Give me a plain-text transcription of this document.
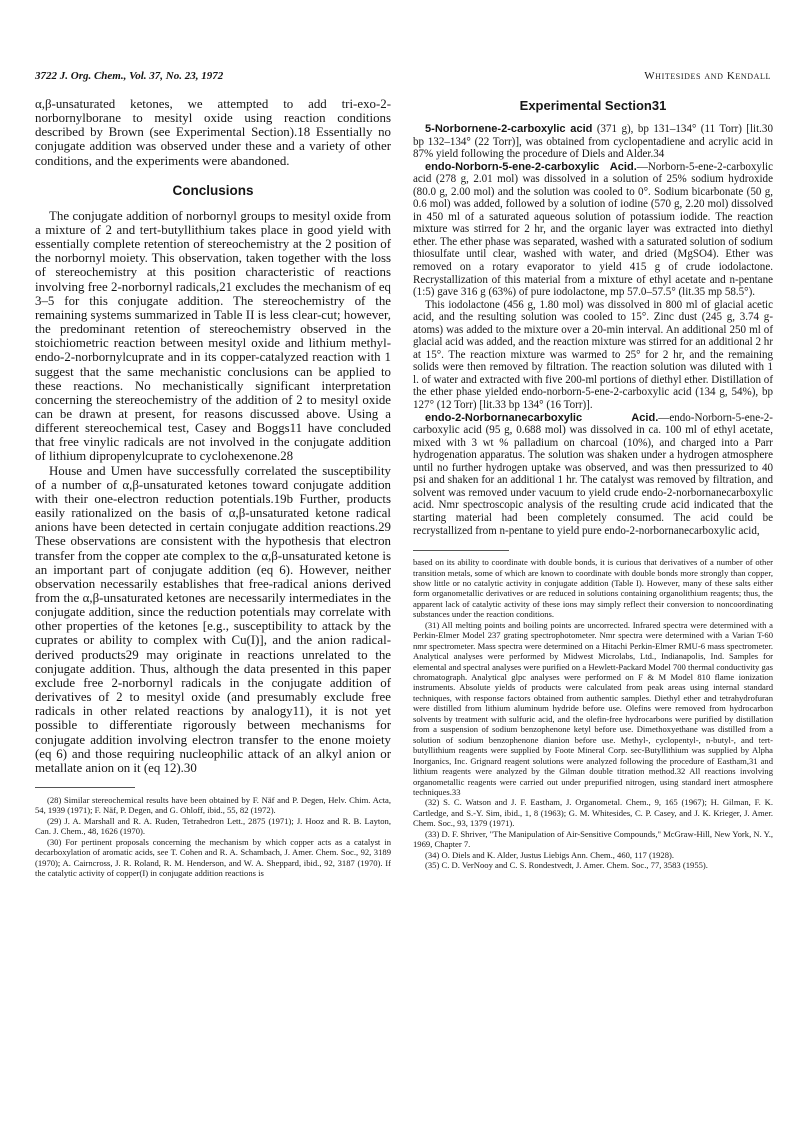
3722 J. Org. Chem., Vol. 37, No. 23, 1972	Whitesides and Kendall

α,β-unsaturated ketones, we attempted to add tri-exo-2-norbornylborane to mesityl oxide using reaction conditions described by Brown (see Experimental Section).18 Essentially no conjugate addition was observed under these and a variety of other conditions, and the experiments were abandoned.

Conclusions

The conjugate addition of norbornyl groups to mesityl oxide from a mixture of 2 and tert-butyllithium takes place in good yield with essentially complete retention of stereochemistry at the 2 position of the norbornyl moiety. This observation, taken together with the loss of stereochemistry at this position characteristic of reactions involving free 2-norbornyl radicals,21 excludes the mechanism of eq 3–5 for this conjugate addition. The stereochemistry of the remaining systems summarized in Table II is less clear-cut; however, the predominant retention of stereochemistry observed in the stoichiometric reaction between mesityl oxide and lithium methyl-endo-2-norbornylcuprate and in its copper-catalyzed reaction with 1 suggest that the same mechanistic conclusions can be applied to these reactions. No mechanistically significant interpretation concerning the stereochemistry of the addition of 2 to mesityl oxide can be drawn at present, for reasons discussed above. Using a different stereochemical test, Casey and Boggs11 have concluded that free vinylic radicals are not involved in the conjugate addition of lithium dipropenylcuprate to cyclohexenone.28

House and Umen have successfully correlated the susceptibility of a number of α,β-unsaturated ketones toward conjugate addition with their one-electron reduction potentials.19b Further, products easily rationalized on the basis of α,β-unsaturated ketone radical anions have been detected in certain conjugate addition reactions.29 These observations are consistent with the hypothesis that electron transfer from the copper ate complex to the α,β-unsaturated ketone is an important part of conjugate addition (eq 6). However, neither observation necessarily establishes that free-radical anions derived from the α,β-unsaturated ketones are necessarily intermediates in the conjugate addition, since the reduction potentials may correlate with other properties of the ketones [e.g., susceptibility to attack by the cuprates or ability to complex with Cu(I)], and the anion radical-derived products29 may originate in reactions unrelated to the conjugate addition. Thus, although the data presented in this paper exclude free 2-norbornyl radicals in the conjugate addition of derivatives of 2 to mesityl oxide (and presumably exclude free radicals in other related reactions by analogy11), it is not yet possible to differentiate rigorously between mechanisms for conjugate addition involving electron transfer to the enone moiety (eq 6) and those requiring nucleophilic attack of an alkyl anion or metallate anion on it (eq 12).30

(28) Similar stereochemical results have been obtained by F. Näf and P. Degen, Helv. Chim. Acta, 54, 1939 (1971); F. Näf, P. Degen, and G. Ohloff, ibid., 55, 82 (1972).

(29) J. A. Marshall and R. A. Ruden, Tetrahedron Lett., 2875 (1971); J. Hooz and R. B. Layton, Can. J. Chem., 48, 1626 (1970).

(30) For pertinent proposals concerning the mechanism by which copper acts as a catalyst in decarboxylation of aromatic acids, see T. Cohen and R. A. Schambach, J. Amer. Chem. Soc., 92, 3189 (1970); A. Cairncross, J. R. Roland, R. M. Henderson, and W. A. Sheppard, ibid., 92, 3187 (1970). If the catalytic activity of copper(I) in conjugate addition reactions is

Experimental Section31

5-Norbornene-2-carboxylic acid (371 g), bp 131–134° (11 Torr) [lit.30 bp 132–134° (22 Torr)], was obtained from cyclopentadiene and acrylic acid in 87% yield following the procedure of Diels and Alder.34

endo-Norborn-5-ene-2-carboxylic Acid.—Norborn-5-ene-2-carboxylic acid (278 g, 2.01 mol) was dissolved in a solution of 25% sodium hydroxide (80.0 g, 2.00 mol) and the solution was cooled to 0°. Sodium bicarbonate (50 g, 0.6 mol) was added, followed by a solution of iodine (570 g, 2.20 mol) dissolved in 450 ml of a saturated aqueous solution of potassium iodide. The reaction mixture was stirred for 2 hr, and the organic layer was extracted into diethyl ether. The ether phase was separated, washed with a saturated solution of sodium thiosulfate until clear, washed with water, and dried (MgSO4). Ether was removed on a rotary evaporator to yield 415 g of crude iodolactone. Recrystallization of this material from a mixture of ethyl acetate and n-pentane (1:5) gave 316 g (63%) of pure iodolactone, mp 57.0–57.5° (lit.35 mp 58.5°).

This iodolactone (456 g, 1.80 mol) was dissolved in 800 ml of glacial acetic acid, and the resulting solution was cooled to 15°. Zinc dust (245 g, 3.74 g-atoms) was added to the mixture over a 20-min interval. An additional 250 ml of glacial acid was added, and the reaction mixture was stirred for an additional 2 hr at 15°. The reaction mixture was warmed to 25° for 2 hr, and the remaining solids were then removed by filtration. The reaction solution was diluted with 1 l. of water and extracted with five 200-ml portions of diethyl ether. Distillation of the ether phase yielded endo-norborn-5-ene-2-carboxylic acid (134 g, 54%), bp 127° (12 Torr) [lit.33 bp 134° (16 Torr)].

endo-2-Norbornanecarboxylic Acid.—endo-Norborn-5-ene-2-carboxylic acid (95 g, 0.688 mol) was dissolved in ca. 100 ml of ethyl acetate, mixed with 3 wt % palladium on charcoal (10%), and charged into a Parr hydrogenation apparatus. The solution was shaken under a hydrogen atmosphere until no further hydrogen uptake was observed, and was then pressurized to 40 psi and shaken for an additional 1 hr. The catalyst was removed by filtration, and solvent was removed under vacuum to yield crude endo-2-norbornanecarboxylic acid. Nmr spectroscopic analysis of the resulting crude acid indicated that the starting material had been completely consumed. The acid could be recrystallized from n-pentane to yield pure endo-2-norbornanecarboxylic acid,

based on its ability to coordinate with double bonds, it is curious that derivatives of a number of other transition metals, some of which are known to coordinate with double bonds more strongly than copper, show little or no catalytic activity in conjugate addition (Table I). However, many of these salts either form organometallic derivatives or are reduced in solutions containing organolithium reagents; thus, the apparent lack of catalytic activity of these ions may simply reflect their conversion to noncoordinating substances under the reaction conditions.

(31) All melting points and boiling points are uncorrected. Infrared spectra were determined with a Perkin-Elmer Model 237 grating spectrophotometer. Nmr spectra were determined with a Varian T-60 nmr spectrometer. Mass spectra were determined on a Hitachi Perkin-Elmer RMU-6 mass spectrometer. Analytical analyses were performed by Midwest Microlabs, Ltd., Indianapolis, Ind. Samples for elemental and spectral analyses were purified on a Hewlett-Packard Model 700 thermal conductivity gas chromatograph. Analytical glpc analyses were performed on F & M Model 810 flame ionization instruments. Absolute yields of products were calculated from peak areas using internal standard techniques, with response factors obtained from authentic samples. Diethyl ether and tetrahydrofuran were distilled from lithium aluminum hydride before use. Olefins were removed from hydrocarbon solvents by treatment with sulfuric acid, and the olefin-free hydrocarbons were purified by distillation from a suspension of sodium benzophenone ketyl before use. Dimethoxyethane was distilled from a solution of sodium benzophenone dianion before use. Methyl-, cyclopentyl-, n-butyl-, and tert-butyllithium reagents were supplied by Foote Mineral Corp. sec-Butyllithium was supplied by Alpha Inorganics, Inc. Grignard reagent solutions were analyzed following the procedure of Eastham,31 and lithium reagents were analyzed by the Gilman double titration method.32 All reactions involving organometallic reagents were carried out under prepurified nitrogen, using standard inert atmosphere techniques.33

(32) S. C. Watson and J. F. Eastham, J. Organometal. Chem., 9, 165 (1967); H. Gilman, F. K. Cartledge, and S.-Y. Sim, ibid., 1, 8 (1963); G. M. Whitesides, C. P. Casey, and J. K. Krieger, J. Amer. Chem. Soc., 93, 1379 (1971).

(33) D. F. Shriver, "The Manipulation of Air-Sensitive Compounds," McGraw-Hill, New York, N. Y., 1969, Chapter 7.

(34) O. Diels and K. Alder, Justus Liebigs Ann. Chem., 460, 117 (1928).

(35) C. D. VerNooy and C. S. Rondestvedt, J. Amer. Chem. Soc., 77, 3583 (1955).
